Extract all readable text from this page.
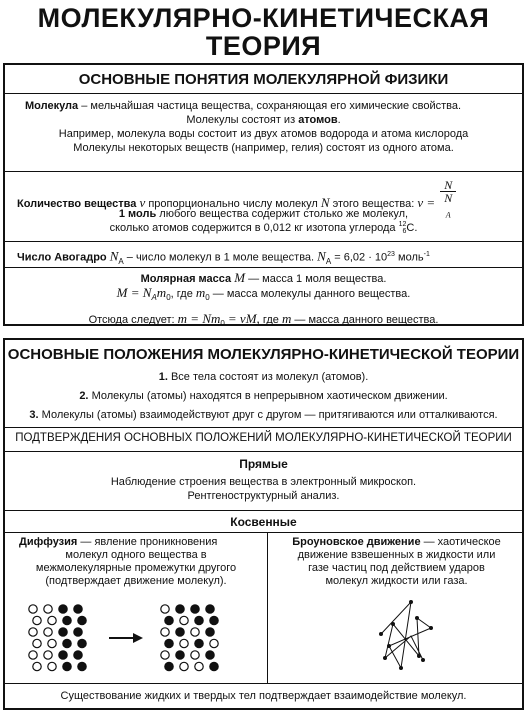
МОЛЕКУЛЯРНО-КИНЕТИЧЕСКАЯ
ТЕОРИЯ
ОСНОВНЫЕ ПОНЯТИЯ МОЛЕКУЛЯРНОЙ ФИЗИКИ
Молекула – мельчайшая частица вещества, сохраняющая его химические свойства.
Молекулы состоят из атомов.
Например, молекула воды состоит из двух атомов водорода и атома кислорода
Молекулы некоторых веществ (например, гелия) состоят из одного атома.
Количество вещества ν пропорционально числу молекул N этого вещества: ν = N
N
$_A$
1 моль любого вещества содержит столько же молекул,
сколько атомов содержится в 0,012 кг изотопа углерода 12
6 C.
Число Авогадро $N_A$ – число молекул в 1 моле вещества. $N_A = 6,02 \cdot 10^{23}$ моль$^{-1}$
Молярная масса M — масса 1 моля вещества.
$M = N_Am_0$, где $m_0$ — масса молекулы данного вещества.
Отсюда следует: $m = Nm_0 = \nu M$, где m — масса данного вещества.
ОСНОВНЫЕ ПОЛОЖЕНИЯ МОЛЕКУЛЯРНО-КИНЕТИЧЕСКОЙ ТЕОРИИ
1. Все тела состоят из молекул (атомов).
2. Молекулы (атомы) находятся в непрерывном хаотическом движении.
3. Молекулы (атомы) взаимодействуют друг с другом — притягиваются или отталкиваются.
ПОДТВЕРЖДЕНИЯ ОСНОВНЫХ ПОЛОЖЕНИЙ МОЛЕКУЛЯРНО-КИНЕТИЧЕСКОЙ ТЕОРИИ
Прямые
Наблюдение строения вещества в электронный микроскоп.
Рентгеноструктурный анализ.
Косвенные
Диффузия — явление проникновения
молекул одного вещества в
межмолекулярные промежутки другого
(подтверждает движение молекул).
Броуновское движение — хаотическое
движение взвешенных в жидкости или
газе частиц под действием ударов
молекул жидкости или газа.
Существование жидких и твердых тел подтверждает взаимодействие молекул.
